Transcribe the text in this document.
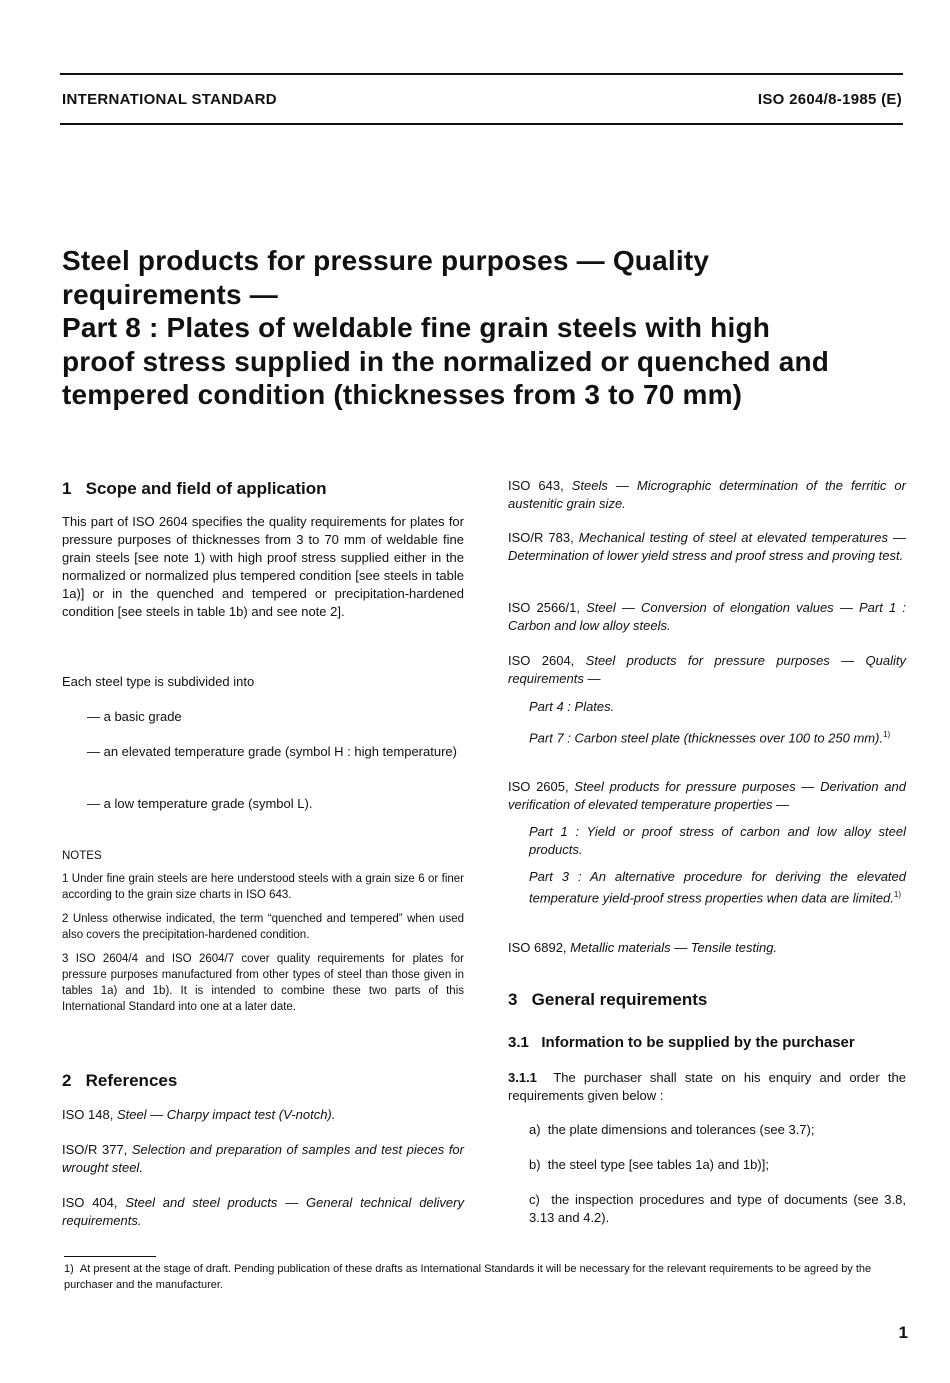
INTERNATIONAL STANDARD	ISO 2604/8-1985 (E)
Steel products for pressure purposes — Quality
requirements —
Part 8 : Plates of weldable fine grain steels with high
proof stress supplied in the normalized or quenched and
tempered condition (thicknesses from 3 to 70 mm)
1 Scope and field of application
This part of ISO 2604 specifies the quality requirements for plates for pressure purposes of thicknesses from 3 to 70 mm of weldable fine grain steels [see note 1) with high proof stress supplied either in the normalized or normalized plus tempered condition [see steels in table 1a)] or in the quenched and tempered or precipitation-hardened condition [see steels in table 1b) and see note 2].
Each steel type is subdivided into
— a basic grade
— an elevated temperature grade (symbol H : high temperature)
— a low temperature grade (symbol L).
NOTES
1 Under fine grain steels are here understood steels with a grain size 6 or finer according to the grain size charts in ISO 643.
2 Unless otherwise indicated, the term “quenched and tempered” when used also covers the precipitation-hardened condition.
3 ISO 2604/4 and ISO 2604/7 cover quality requirements for plates for pressure purposes manufactured from other types of steel than those given in tables 1a) and 1b). It is intended to combine these two parts of this International Standard into one at a later date.
2 References
ISO 148, Steel — Charpy impact test (V-notch).
ISO/R 377, Selection and preparation of samples and test pieces for wrought steel.
ISO 404, Steel and steel products — General technical delivery requirements.
ISO 643, Steels — Micrographic determination of the ferritic or austenitic grain size.
ISO/R 783, Mechanical testing of steel at elevated temperatures — Determination of lower yield stress and proof stress and proving test.
ISO 2566/1, Steel — Conversion of elongation values — Part 1 : Carbon and low alloy steels.
ISO 2604, Steel products for pressure purposes — Quality requirements —
Part 4 : Plates.
Part 7 : Carbon steel plate (thicknesses over 100 to 250 mm).$^{1)}$
ISO 2605, Steel products for pressure purposes — Derivation and verification of elevated temperature properties —
Part 1 : Yield or proof stress of carbon and low alloy steel products.
Part 3 : An alternative procedure for deriving the elevated temperature yield-proof stress properties when data are limited.$^{1)}$
ISO 6892, Metallic materials — Tensile testing.
3 General requirements
3.1 Information to be supplied by the purchaser
3.1.1 The purchaser shall state on his enquiry and order the requirements given below :
a) the plate dimensions and tolerances (see 3.7);
b) the steel type [see tables 1a) and 1b)];
c) the inspection procedures and type of documents (see 3.8, 3.13 and 4.2).
1) At present at the stage of draft. Pending publication of these drafts as International Standards it will be necessary for the relevant requirements to be agreed by the purchaser and the manufacturer.
1
